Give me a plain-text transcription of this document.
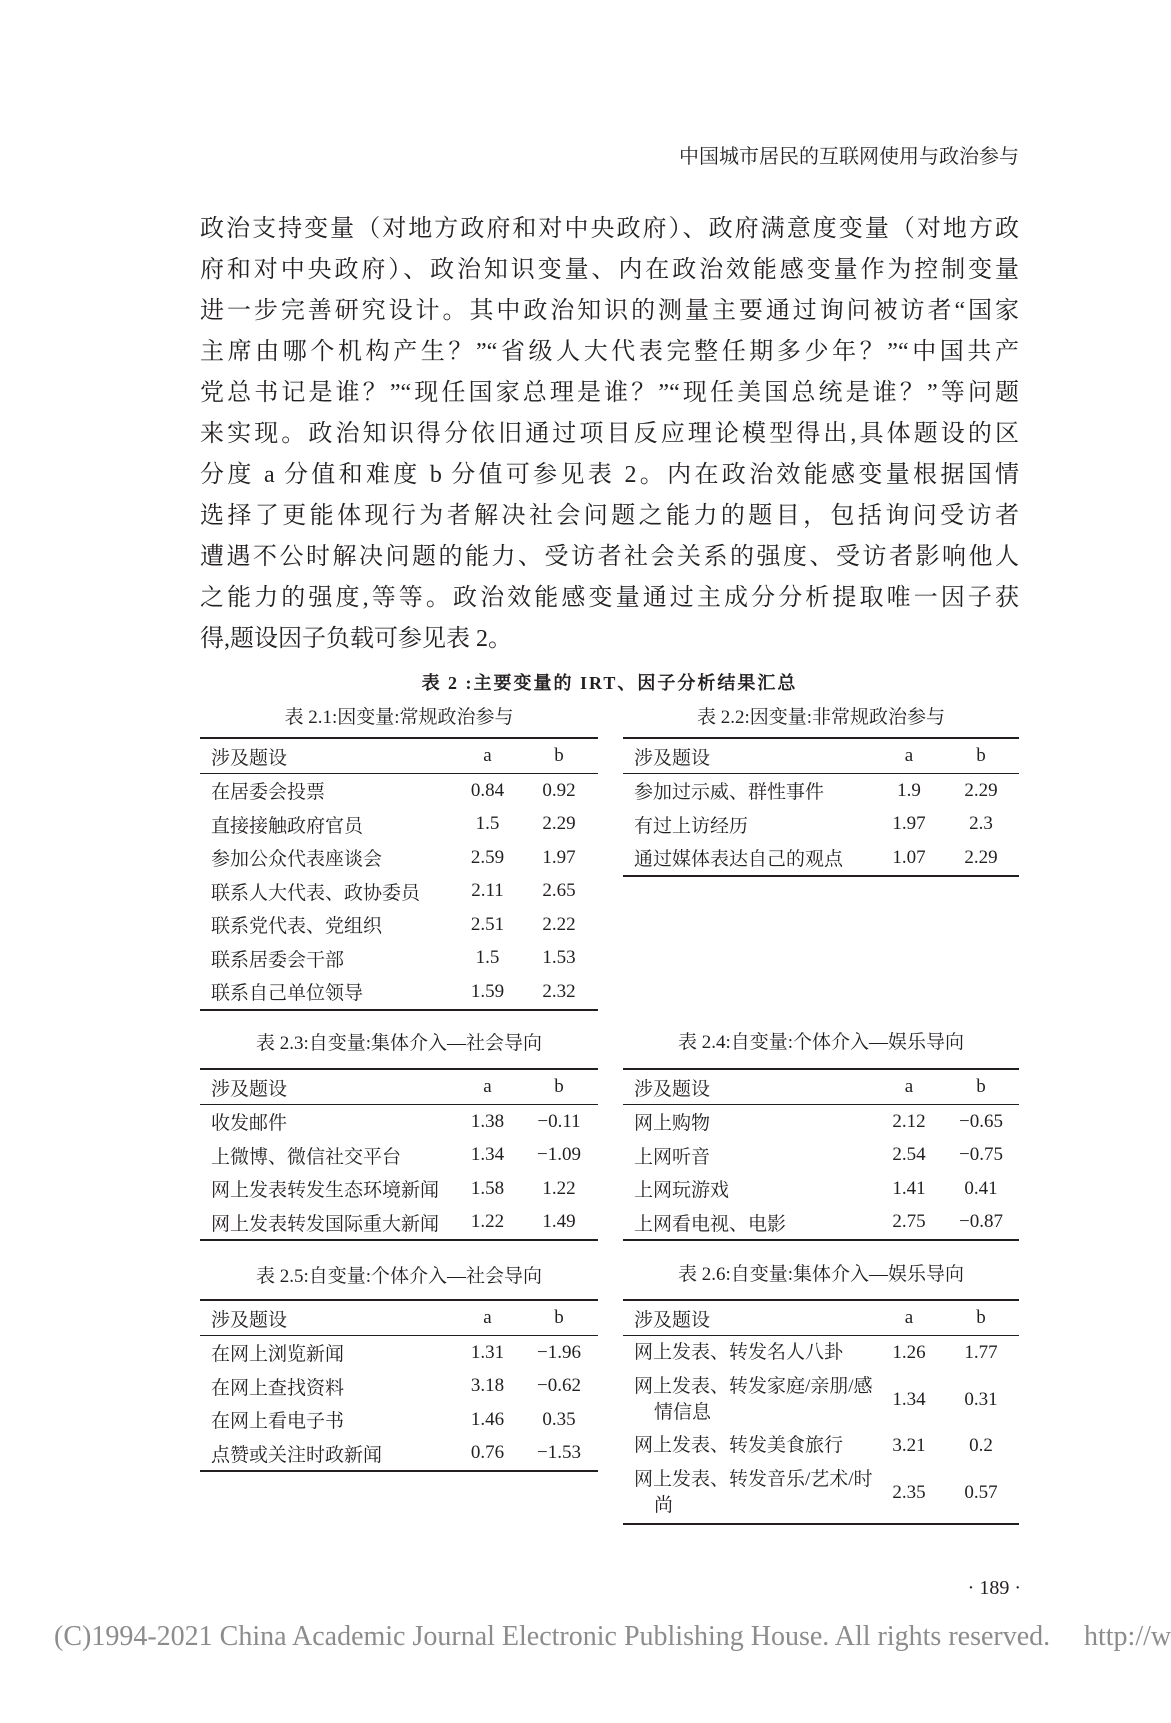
中国城市居民的互联网使用与政治参与
政治支持变量（对地方政府和对中央政府）、政府满意度变量（对地方政
府和对中央政府）、政治知识变量、内在政治效能感变量作为控制变量
进一步完善研究设计。其中政治知识的测量主要通过询问被访者“国家
主席由哪个机构产生？”“省级人大代表完整任期多少年？”“中国共产
党总书记是谁？”“现任国家总理是谁？”“现任美国总统是谁？”等问题
来实现。政治知识得分依旧通过项目反应理论模型得出,具体题设的区
分度 a 分值和难度 b 分值可参见表 2。内在政治效能感变量根据国情
选择了更能体现行为者解决社会问题之能力的题目，包括询问受访者
遭遇不公时解决问题的能力、受访者社会关系的强度、受访者影响他人
之能力的强度,等等。政治效能感变量通过主成分分析提取唯一因子获
得,题设因子负载可参见表 2。
表 2 :主要变量的 IRT、因子分析结果汇总
表 2.1:因变量:常规政治参与
涉及题设	a	b
在居委会投票	0.84	0.92
直接接触政府官员	1.5	2.29
参加公众代表座谈会	2.59	1.97
联系人大代表、政协委员	2.11	2.65
联系党代表、党组织	2.51	2.22
联系居委会干部	1.5	1.53
联系自己单位领导	1.59	2.32
表 2.2:因变量:非常规政治参与
涉及题设	a	b
参加过示威、群性事件	1.9	2.29
有过上访经历	1.97	2.3
通过媒体表达自己的观点	1.07	2.29
表 2.3:自变量:集体介入—社会导向
涉及题设	a	b
收发邮件	1.38	−0.11
上微博、微信社交平台	1.34	−1.09
网上发表转发生态环境新闻	1.58	1.22
网上发表转发国际重大新闻	1.22	1.49
表 2.4:自变量:个体介入—娱乐导向
涉及题设	a	b
网上购物	2.12	−0.65
上网听音	2.54	−0.75
上网玩游戏	1.41	0.41
上网看电视、电影	2.75	−0.87
表 2.5:自变量:个体介入—社会导向
涉及题设	a	b
在网上浏览新闻	1.31	−1.96
在网上查找资料	3.18	−0.62
在网上看电子书	1.46	0.35
点赞或关注时政新闻	0.76	−1.53
表 2.6:自变量:集体介入—娱乐导向
涉及题设	a	b

网上发表、转发名人八卦	1.26	1.77

网上发表、转发家庭/亲朋/感
情信息	1.34	0.31

网上发表、转发美食旅行	3.21	0.2

网上发表、转发音乐/艺术/时
尚	2.35	0.57
· 189 ·
(C)1994-2021 China Academic Journal Electronic Publishing House. All rights reserved. http://w
